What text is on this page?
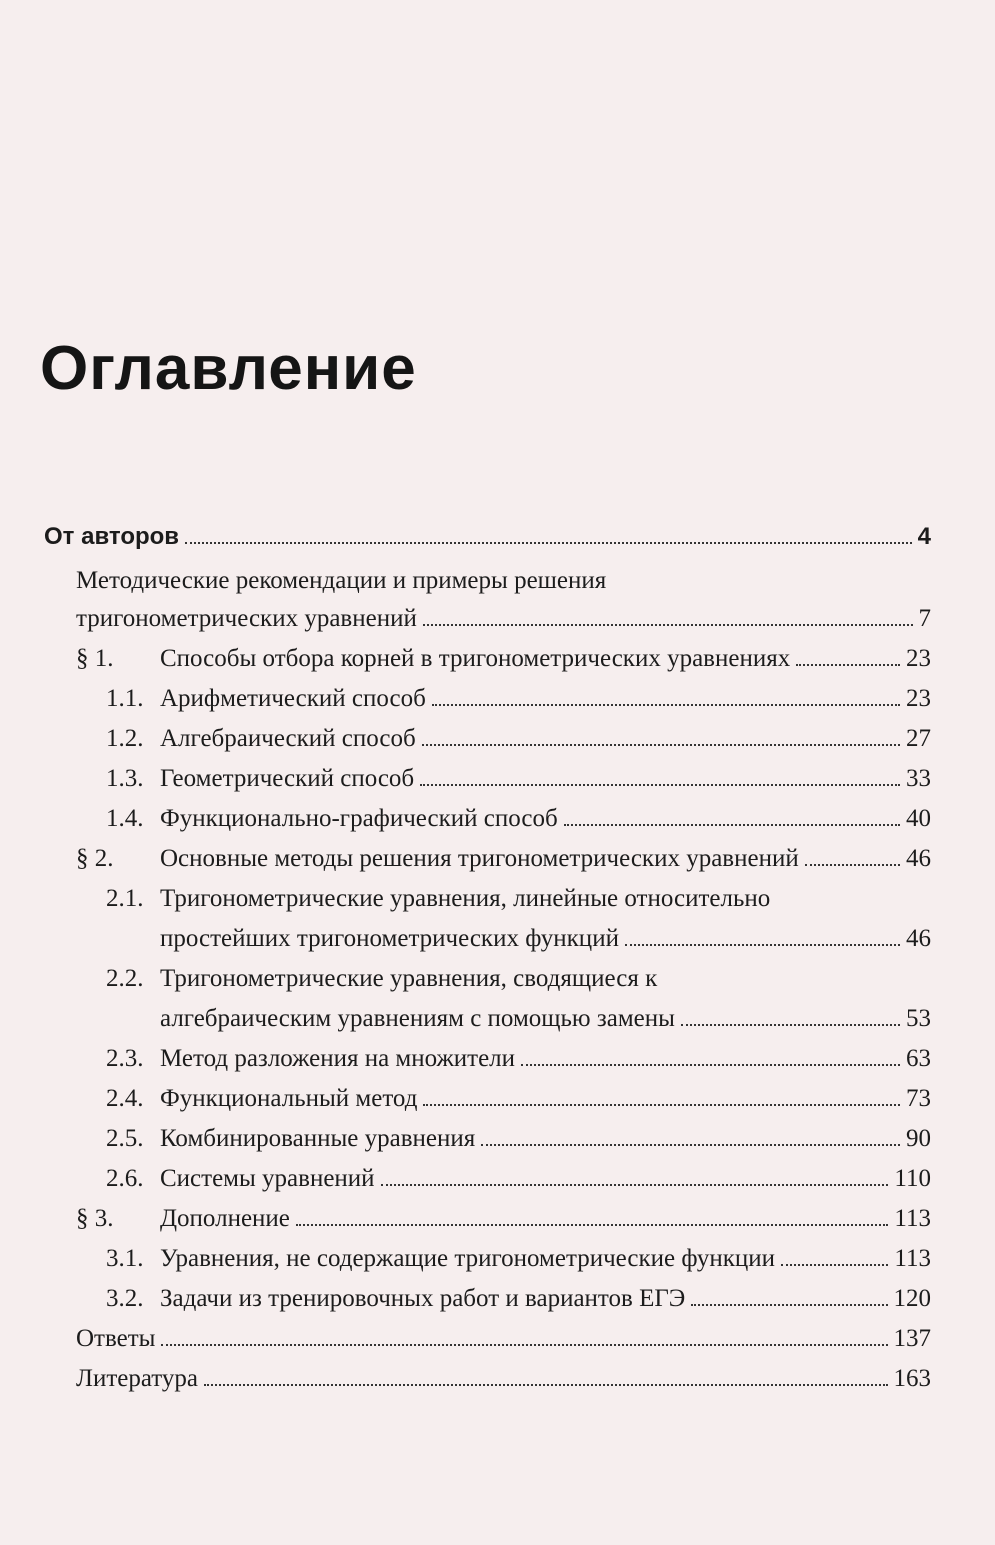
Оглавление
От авторов	4
Методические рекомендации и примеры решения
тригонометрических уравнений	7
§ 1.	Способы отбора корней в тригонометрических уравнениях	23
1.1. Арифметический способ	23
1.2. Алгебраический способ	27
1.3. Геометрический способ	33
1.4. Функционально-графический способ	40
§ 2.	Основные методы решения тригонометрических уравнений	46
2.1. Тригонометрические уравнения, линейные относительно
простейших тригонометрических функций	46
2.2. Тригонометрические уравнения, сводящиеся к
алгебраическим уравнениям с помощью замены	53
2.3. Метод разложения на множители	63
2.4. Функциональный метод	73
2.5. Комбинированные уравнения	90
2.6. Системы уравнений	110
§ 3.	Дополнение	113
3.1. Уравнения, не содержащие тригонометрические функции	113
3.2. Задачи из тренировочных работ и вариантов ЕГЭ	120
Ответы	137
Литература	163
